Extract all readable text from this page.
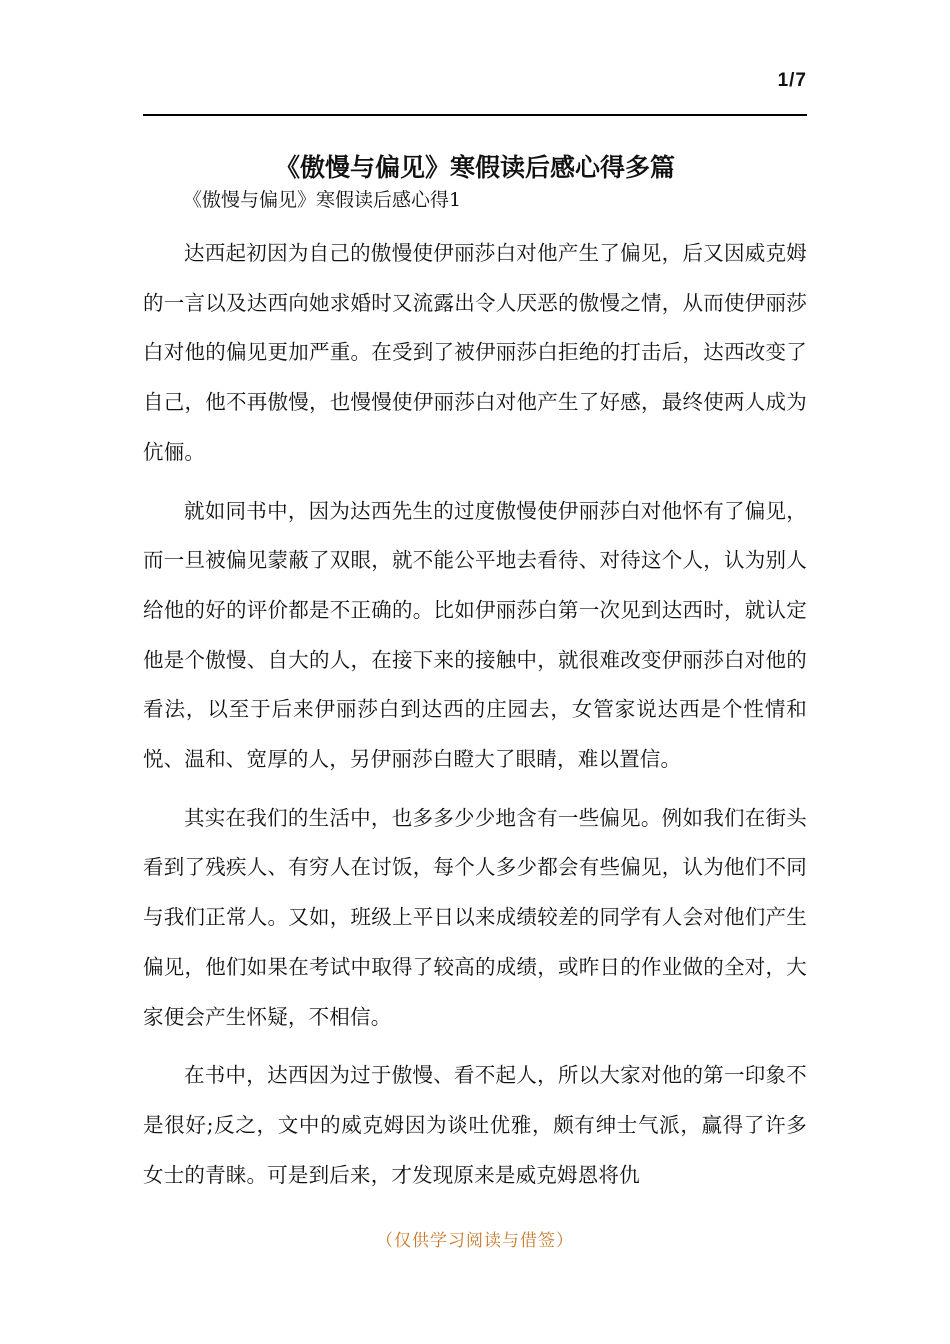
1/7
《傲慢与偏见》寒假读后感心得多篇
《傲慢与偏见》寒假读后感心得1

达西起初因为自己的傲慢使伊丽莎白对他产生了偏见，后又因威克姆的一言以及达西向她求婚时又流露出令人厌恶的傲慢之情，从而使伊丽莎白对他的偏见更加严重。在受到了被伊丽莎白拒绝的打击后，达西改变了自己，他不再傲慢，也慢慢使伊丽莎白对他产生了好感，最终使两人成为伉俪。

就如同书中，因为达西先生的过度傲慢使伊丽莎白对他怀有了偏见，而一旦被偏见蒙蔽了双眼，就不能公平地去看待、对待这个人，认为别人给他的好的评价都是不正确的。比如伊丽莎白第一次见到达西时，就认定他是个傲慢、自大的人，在接下来的接触中，就很难改变伊丽莎白对他的看法，以至于后来伊丽莎白到达西的庄园去，女管家说达西是个性情和悦、温和、宽厚的人，另伊丽莎白瞪大了眼睛，难以置信。

其实在我们的生活中，也多多少少地含有一些偏见。例如我们在街头看到了残疾人、有穷人在讨饭，每个人多少都会有些偏见，认为他们不同与我们正常人。又如，班级上平日以来成绩较差的同学有人会对他们产生偏见，他们如果在考试中取得了较高的成绩，或昨日的作业做的全对，大家便会产生怀疑，不相信。

在书中，达西因为过于傲慢、看不起人，所以大家对他的第一印象不是很好;反之，文中的威克姆因为谈吐优雅，颇有绅士气派，赢得了许多女士的青睐。可是到后来，才发现原来是威克姆恩将仇

（仅供学习阅读与借签）
